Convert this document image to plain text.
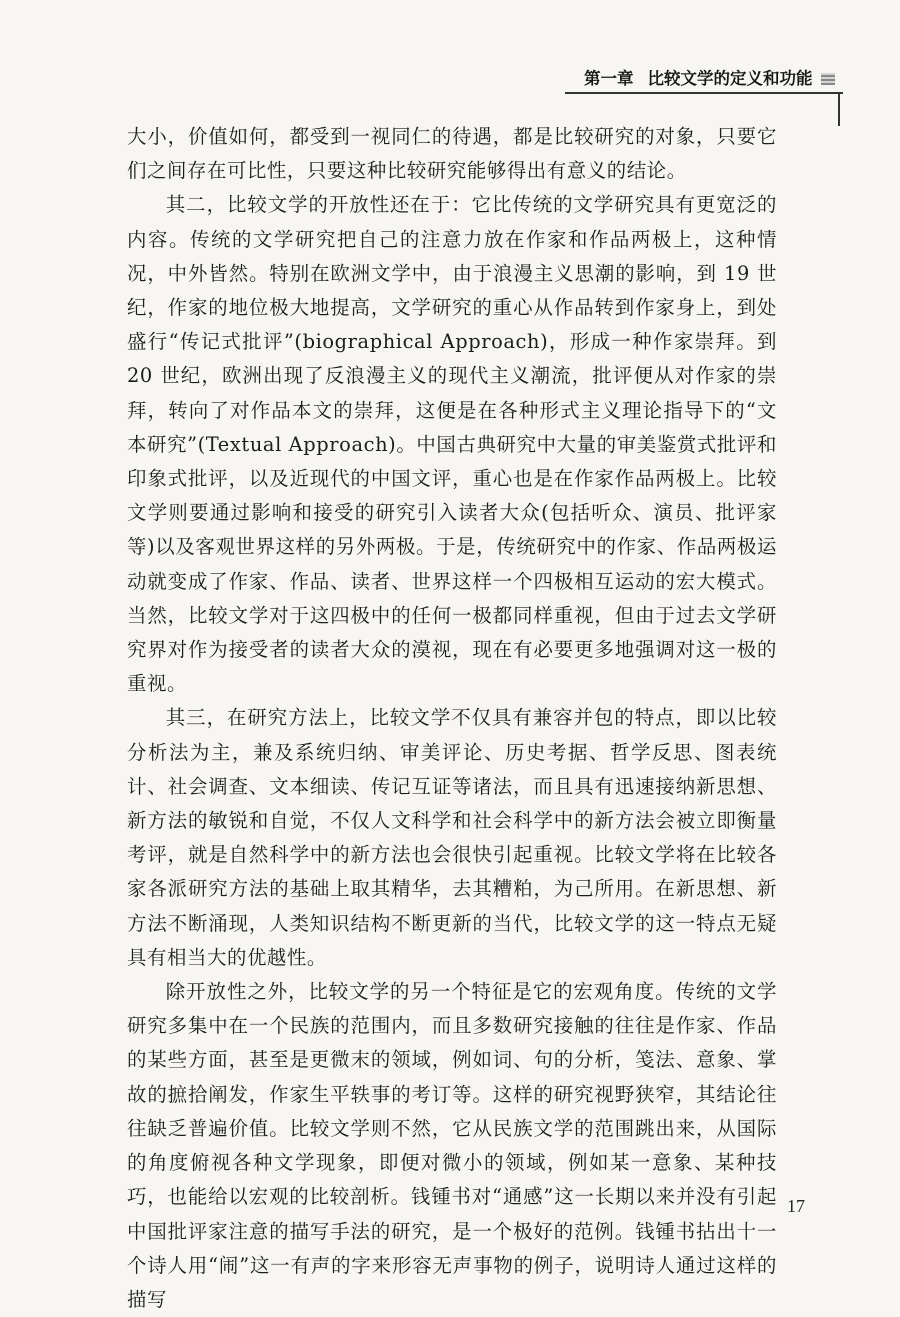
第一章 比较文学的定义和功能

大小，价值如何，都受到一视同仁的待遇，都是比较研究的对象，只要它们之间存在可比性，只要这种比较研究能够得出有意义的结论。

其二，比较文学的开放性还在于：它比传统的文学研究具有更宽泛的内容。传统的文学研究把自己的注意力放在作家和作品两极上，这种情况，中外皆然。特别在欧洲文学中，由于浪漫主义思潮的影响，到 19 世纪，作家的地位极大地提高，文学研究的重心从作品转到作家身上，到处盛行“传记式批评”(biographical Approach)，形成一种作家崇拜。到 20 世纪，欧洲出现了反浪漫主义的现代主义潮流，批评便从对作家的崇拜，转向了对作品本文的崇拜，这便是在各种形式主义理论指导下的“文本研究”(Textual Approach)。中国古典研究中大量的审美鉴赏式批评和印象式批评，以及近现代的中国文评，重心也是在作家作品两极上。比较文学则要通过影响和接受的研究引入读者大众(包括听众、演员、批评家等)以及客观世界这样的另外两极。于是，传统研究中的作家、作品两极运动就变成了作家、作品、读者、世界这样一个四极相互运动的宏大模式。当然，比较文学对于这四极中的任何一极都同样重视，但由于过去文学研究界对作为接受者的读者大众的漠视，现在有必要更多地强调对这一极的重视。

其三，在研究方法上，比较文学不仅具有兼容并包的特点，即以比较分析法为主，兼及系统归纳、审美评论、历史考据、哲学反思、图表统计、社会调查、文本细读、传记互证等诸法，而且具有迅速接纳新思想、新方法的敏锐和自觉，不仅人文科学和社会科学中的新方法会被立即衡量考评，就是自然科学中的新方法也会很快引起重视。比较文学将在比较各家各派研究方法的基础上取其精华，去其糟粕，为己所用。在新思想、新方法不断涌现，人类知识结构不断更新的当代，比较文学的这一特点无疑具有相当大的优越性。

除开放性之外，比较文学的另一个特征是它的宏观角度。传统的文学研究多集中在一个民族的范围内，而且多数研究接触的往往是作家、作品的某些方面，甚至是更微末的领域，例如词、句的分析，笺法、意象、掌故的摭拾阐发，作家生平轶事的考订等。这样的研究视野狭窄，其结论往往缺乏普遍价值。比较文学则不然，它从民族文学的范围跳出来，从国际的角度俯视各种文学现象，即便对微小的领域，例如某一意象、某种技巧，也能给以宏观的比较剖析。钱锺书对“通感”这一长期以来并没有引起中国批评家注意的描写手法的研究，是一个极好的范例。钱锺书拈出十一个诗人用“闹”这一有声的字来形容无声事物的例子，说明诗人通过这样的描写

17
